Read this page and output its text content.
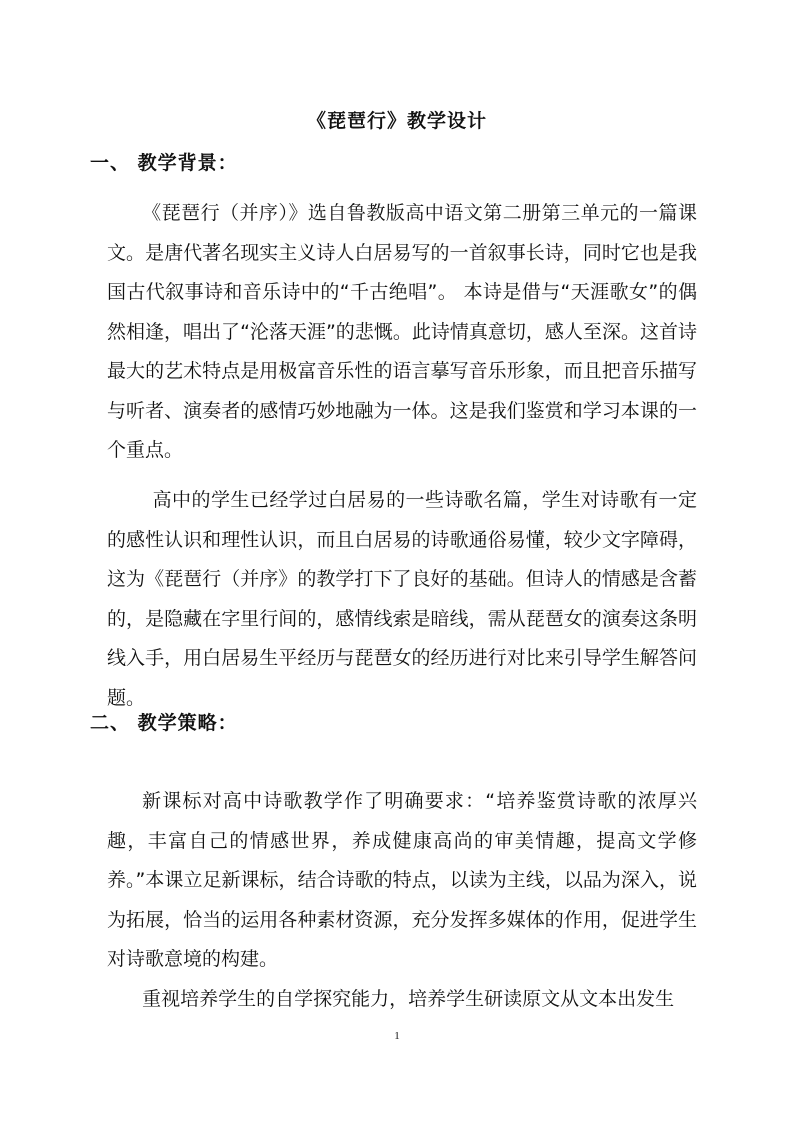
《琵琶行》教学设计
一、 教学背景：

《琵琶行（并序）》选自鲁教版高中语文第二册第三单元的一篇课文。是唐代著名现实主义诗人白居易写的一首叙事长诗，同时它也是我国古代叙事诗和音乐诗中的“千古绝唱”。 本诗是借与“天涯歌女”的偶然相逢，唱出了“沦落天涯”的悲慨。此诗情真意切，感人至深。这首诗最大的艺术特点是用极富音乐性的语言摹写音乐形象，而且把音乐描写与听者、演奏者的感情巧妙地融为一体。这是我们鉴赏和学习本课的一个重点。

高中的学生已经学过白居易的一些诗歌名篇，学生对诗歌有一定的感性认识和理性认识，而且白居易的诗歌通俗易懂，较少文字障碍，这为《琵琶行（并序》的教学打下了良好的基础。但诗人的情感是含蓄的，是隐藏在字里行间的，感情线索是暗线，需从琵琶女的演奏这条明线入手，用白居易生平经历与琵琶女的经历进行对比来引导学生解答问题。

二、 教学策略：

新课标对高中诗歌教学作了明确要求：“培养鉴赏诗歌的浓厚兴趣，丰富自己的情感世界，养成健康高尚的审美情趣，提高文学修养。”本课立足新课标，结合诗歌的特点，以读为主线，以品为深入，说为拓展，恰当的运用各种素材资源，充分发挥多媒体的作用，促进学生对诗歌意境的构建。

重视培养学生的自学探究能力，培养学生研读原文从文本出发生

1
